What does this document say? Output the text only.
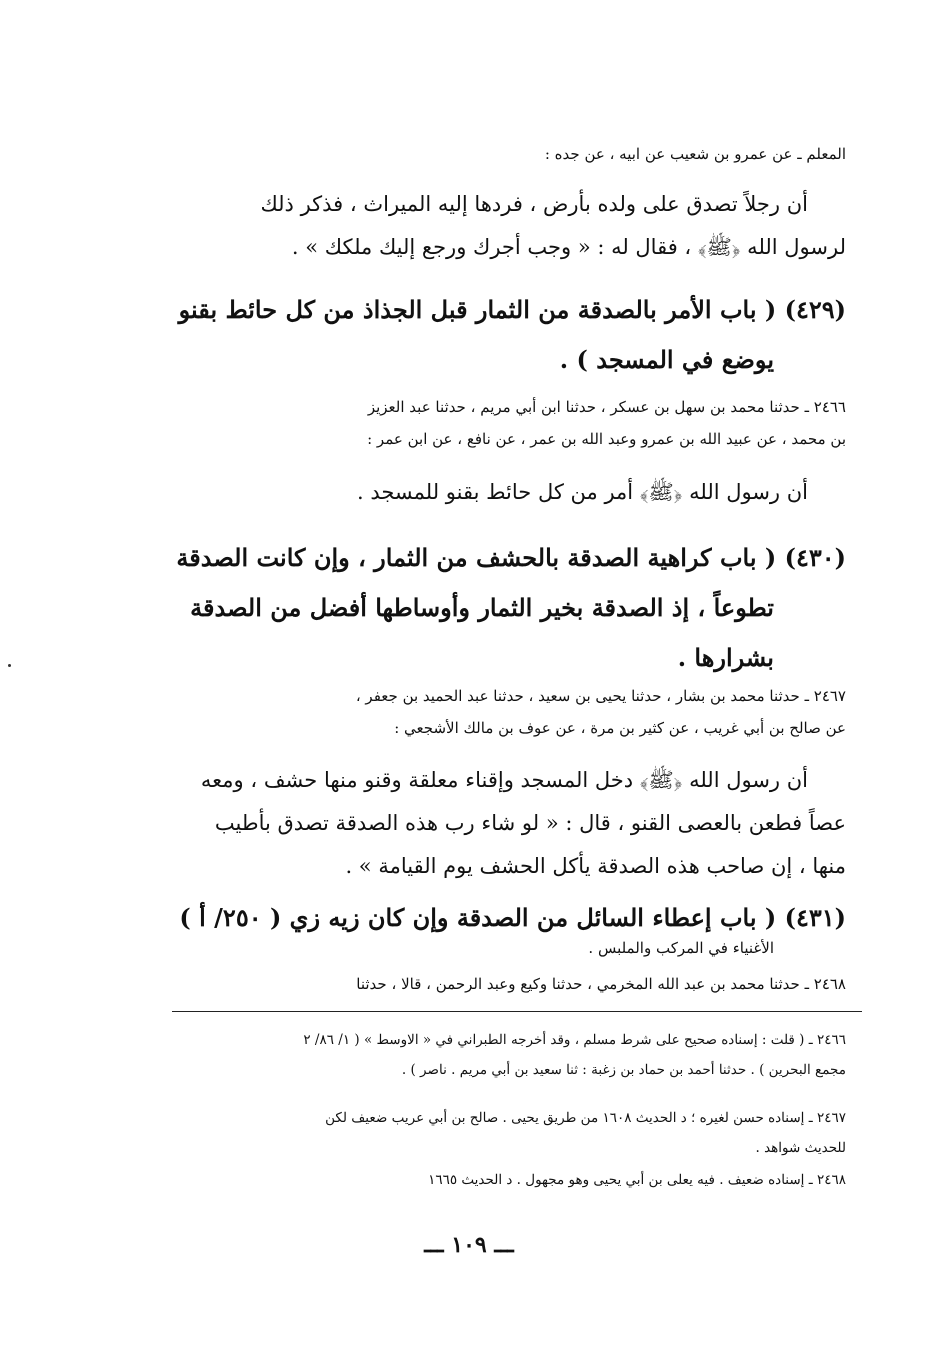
المعلم ـ عن عمرو بن شعيب عن ابيه ، عن جده :
أن رجلاً تصدق على ولده بأرض ، فردها إليه الميراث ، فذكر ذلك
لرسول الله ﴿ﷺ﴾ ، فقال له : « وجب أجرك ورجع إليك ملكك » .
(٤٢٩) ( باب الأمر بالصدقة من الثمار قبل الجذاذ من كل حائط بقنو
يوضع في المسجد ) .
٢٤٦٦ ـ حدثنا محمد بن سهل بن عسكر ، حدثنا ابن أبي مريم ، حدثنا عبد العزيز
بن محمد ، عن عبيد الله بن عمرو وعبد الله بن عمر ، عن نافع ، عن ابن عمر :
أن رسول الله ﴿ﷺ﴾ أمر من كل حائط بقنو للمسجد .
(٤٣٠) ( باب كراهية الصدقة بالحشف من الثمار ، وإن كانت الصدقة
تطوعاً ، إذ الصدقة بخير الثمار وأوساطها أفضل من الصدقة
بشرارها .
٢٤٦٧ ـ حدثنا محمد بن بشار ، حدثنا يحيى بن سعيد ، حدثنا عبد الحميد بن جعفر ،
عن صالح بن أبي غريب ، عن كثير بن مرة ، عن عوف بن مالك الأشجعي :
أن رسول الله ﴿ﷺ﴾ دخل المسجد وإقناء معلقة وقنو منها حشف ، ومعه
عصاً فطعن بالعصى القنو ، قال : « لو شاء رب هذه الصدقة تصدق بأطيب
منها ، إن صاحب هذه الصدقة يأكل الحشف يوم القيامة » .
(٤٣١) ( باب إعطاء السائل من الصدقة وإن كان زيه زي ( ٢٥٠/ أ )
الأغنياء في المركب والملبس .
٢٤٦٨ ـ حدثنا محمد بن عبد الله المخرمي ، حدثنا وكيع وعبد الرحمن ، قالا ، حدثنا
٢٤٦٦ ـ ( قلت : إسناده صحيح على شرط مسلم ، وقد أخرجه الطبراني في « الاوسط » ( ١/ ٨٦/ ٢
مجمع البحرين ) . حدثنا أحمد بن حماد بن زغبة : ثنا سعيد بن أبي مريم . ناصر ) .
٢٤٦٧ ـ إسناده حسن لغيره ؛ د الحديث ١٦٠٨ من طريق يحيى . صالح بن أبي عريب ضعيف لكن
للحديث شواهد .
٢٤٦٨ ـ إسناده ضعيف . فيه يعلى بن أبي يحيى وهو مجهول . د الحديث ١٦٦٥
ـــ ١٠٩ ـــ
